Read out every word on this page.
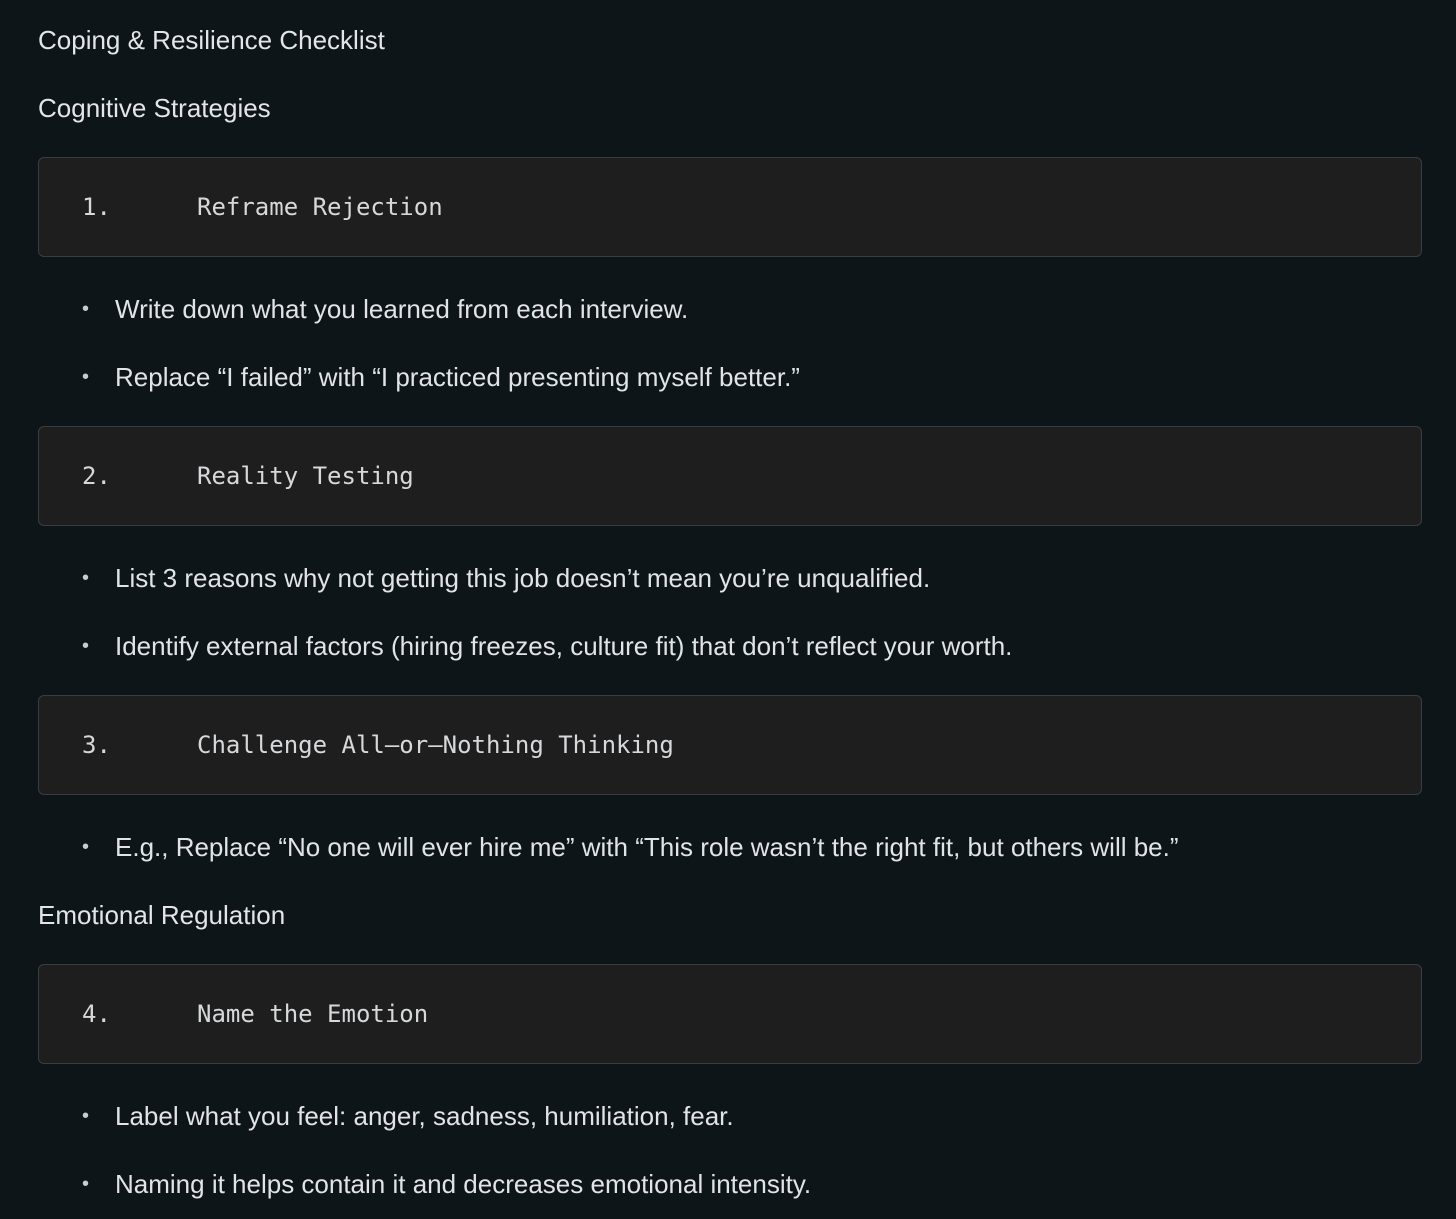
Coping & Resilience Checklist
Cognitive Strategies
1.	Reframe Rejection
• Write down what you learned from each interview.
• Replace “I failed” with “I practiced presenting myself better.”
2.	Reality Testing
• List 3 reasons why not getting this job doesn’t mean you’re unqualified.
• Identify external factors (hiring freezes, culture fit) that don’t reflect your worth.
3.	Challenge All–or–Nothing Thinking
• E.g., Replace “No one will ever hire me” with “This role wasn’t the right fit, but others will be.”
Emotional Regulation
4.	Name the Emotion
• Label what you feel: anger, sadness, humiliation, fear.
• Naming it helps contain it and decreases emotional intensity.
